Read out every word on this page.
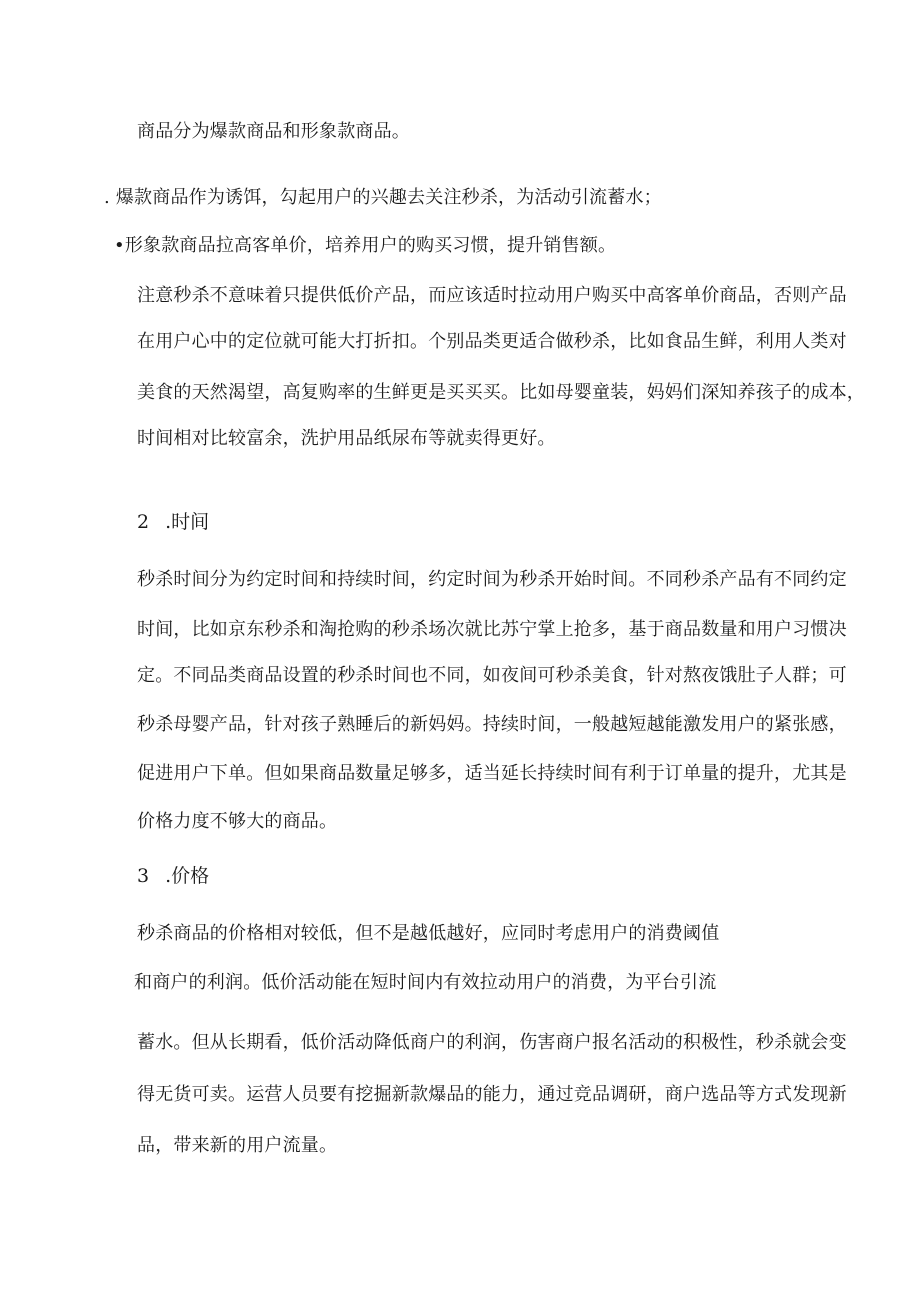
商品分为爆款商品和形象款商品。
. 爆款商品作为诱饵，勾起用户的兴趣去关注秒杀，为活动引流蓄水；
•形象款商品拉高客单价，培养用户的购买习惯，提升销售额。
注意秒杀不意味着只提供低价产品，而应该适时拉动用户购买中高客单价商品，否则产品
在用户心中的定位就可能大打折扣。个别品类更适合做秒杀，比如食品生鲜，利用人类对
美食的天然渴望，高复购率的生鲜更是买买买。比如母婴童装，妈妈们深知养孩子的成本，
时间相对比较富余，洗护用品纸尿布等就卖得更好。
2 .时间
秒杀时间分为约定时间和持续时间，约定时间为秒杀开始时间。不同秒杀产品有不同约定
时间，比如京东秒杀和淘抢购的秒杀场次就比苏宁掌上抢多，基于商品数量和用户习惯决
定。不同品类商品设置的秒杀时间也不同，如夜间可秒杀美食，针对熬夜饿肚子人群；可
秒杀母婴产品，针对孩子熟睡后的新妈妈。持续时间，一般越短越能激发用户的紧张感，
促进用户下单。但如果商品数量足够多，适当延长持续时间有利于订单量的提升，尤其是
价格力度不够大的商品。
3 .价格
秒杀商品的价格相对较低，但不是越低越好，应同时考虑用户的消费阈值
和商户的利润。低价活动能在短时间内有效拉动用户的消费，为平台引流
蓄水。但从长期看，低价活动降低商户的利润，伤害商户报名活动的积极性，秒杀就会变
得无货可卖。运营人员要有挖掘新款爆品的能力，通过竞品调研，商户选品等方式发现新
品，带来新的用户流量。
